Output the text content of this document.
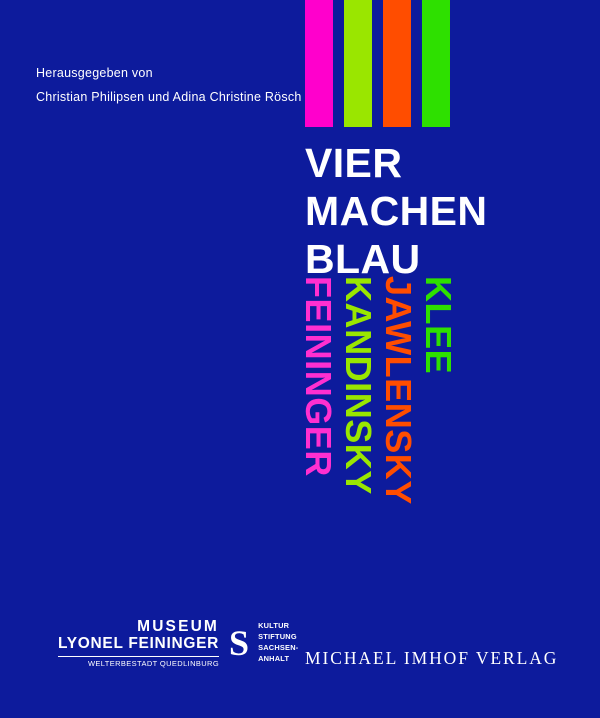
Herausgegeben von
Christian Philipsen und Adina Christine Rösch
VIER
MACHEN
BLAU
FEININGER KANDINSKY JAWLENSKY KLEE
MUSEUM
LYONEL FEININGER
WELTERBESTADT QUEDLINBURG
S KULTUR
STIFTUNG
SACHSEN-
ANHALT MICHAEL IMHOF VERLAG
